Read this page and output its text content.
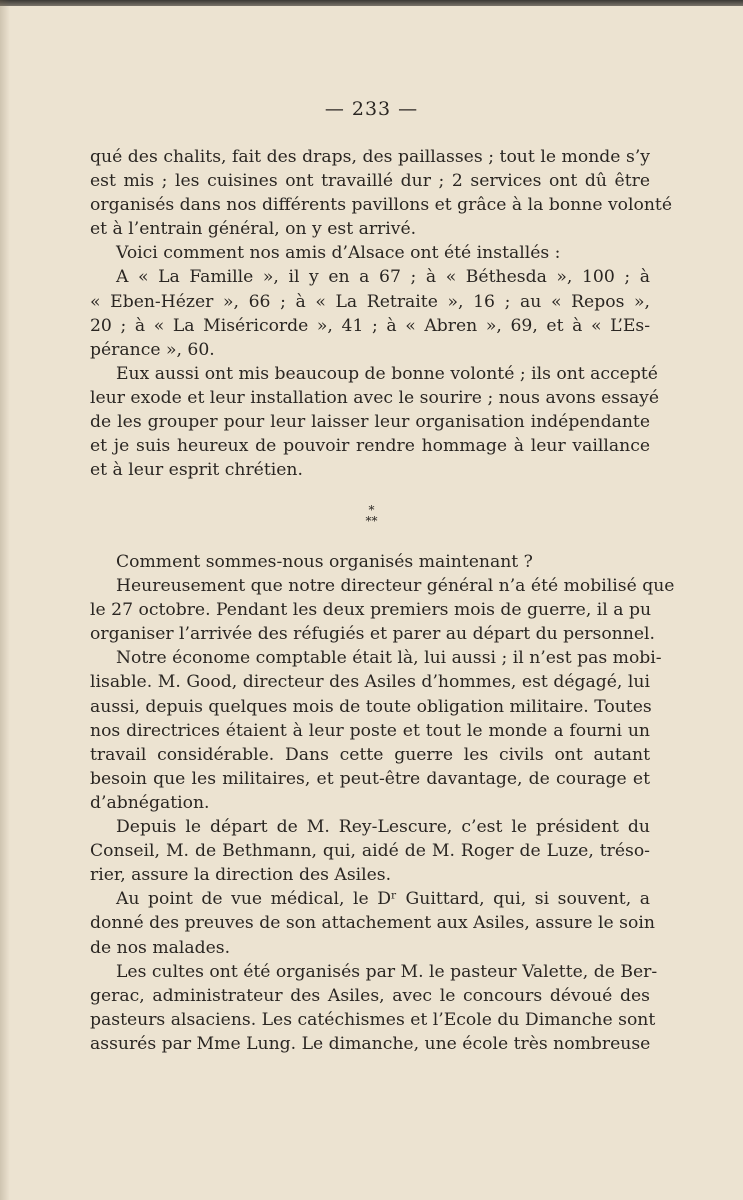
— 233 —

qué des chalits, fait des draps, des paillasses ; tout le monde s’y
est mis ; les cuisines ont travaillé dur ; 2 services ont dû être
organisés dans nos différents pavillons et grâce à la bonne volonté
et à l’entrain général, on y est arrivé.

Voici comment nos amis d’Alsace ont été installés :

A « La Famille », il y en a 67 ; à « Béthesda », 100 ; à
« Eben-Hézer », 66 ; à « La Retraite », 16 ; au « Repos »,
20 ; à « La Miséricorde », 41 ; à « Abren », 69, et à « L’Es-
pérance », 60.

Eux aussi ont mis beaucoup de bonne volonté ; ils ont accepté
leur exode et leur installation avec le sourire ; nous avons essayé
de les grouper pour leur laisser leur organisation indépendante
et je suis heureux de pouvoir rendre hommage à leur vaillance
et à leur esprit chrétien.

*
**

Comment sommes-nous organisés maintenant ?

Heureusement que notre directeur général n’a été mobilisé que
le 27 octobre. Pendant les deux premiers mois de guerre, il a pu
organiser l’arrivée des réfugiés et parer au départ du personnel.

Notre économe comptable était là, lui aussi ; il n’est pas mobi-
lisable. M. Good, directeur des Asiles d’hommes, est dégagé, lui
aussi, depuis quelques mois de toute obligation militaire. Toutes
nos directrices étaient à leur poste et tout le monde a fourni un
travail considérable. Dans cette guerre les civils ont autant
besoin que les militaires, et peut-être davantage, de courage et
d’abnégation.

Depuis le départ de M. Rey-Lescure, c’est le président du
Conseil, M. de Bethmann, qui, aidé de M. Roger de Luze, tréso-
rier, assure la direction des Asiles.

Au point de vue médical, le Dʳ Guittard, qui, si souvent, a
donné des preuves de son attachement aux Asiles, assure le soin
de nos malades.

Les cultes ont été organisés par M. le pasteur Valette, de Ber-
gerac, administrateur des Asiles, avec le concours dévoué des
pasteurs alsaciens. Les catéchismes et l’Ecole du Dimanche sont
assurés par Mme Lung. Le dimanche, une école très nombreuse
